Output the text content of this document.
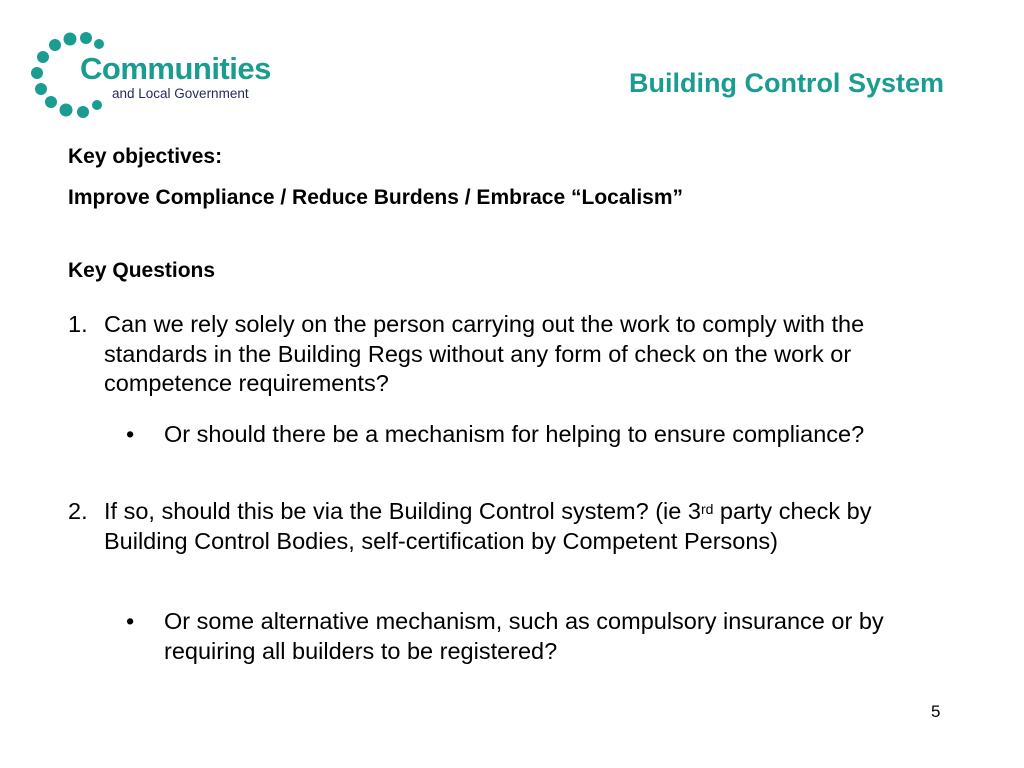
Communities
and Local Government	Building Control System
Key objectives:
Improve Compliance / Reduce Burdens / Embrace “Localism”
Key Questions
1. Can we rely solely on the person carrying out the work to comply with the standards in the Building Regs without any form of check on the work or competence requirements?
• Or should there be a mechanism for helping to ensure compliance?
2. If so, should this be via the Building Control system? (ie 3rd party check by Building Control Bodies, self-certification by Competent Persons)
• Or some alternative mechanism, such as compulsory insurance or by requiring all builders to be registered?
5
